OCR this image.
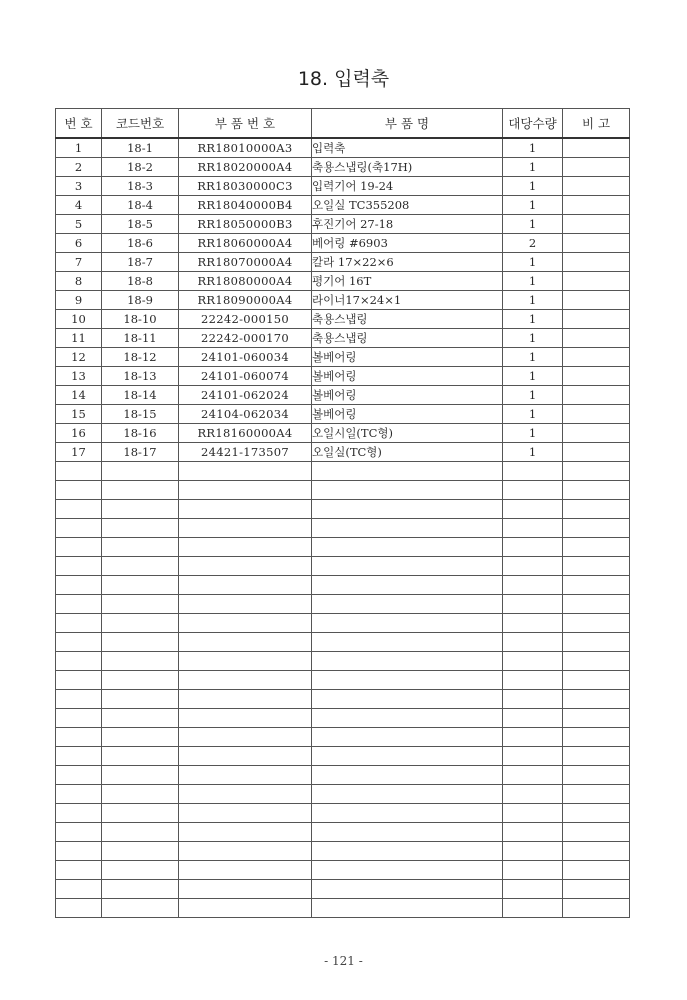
18. 입력축
번 호	코드번호	부 품 번 호	부 품 명	대당수량	비 고
1	18-1	RR18010000A3	입력축	1	
2	18-2	RR18020000A4	축용스냅링(축17H)	1	
3	18-3	RR18030000C3	입력기어 19-24	1	
4	18-4	RR18040000B4	오일실 TC355208	1	
5	18-5	RR18050000B3	후진기어 27-18	1	
6	18-6	RR18060000A4	베어링 #6903	2	
7	18-7	RR18070000A4	칼라 17×22×6	1	
8	18-8	RR18080000A4	평기어 16T	1	
9	18-9	RR18090000A4	라이너17×24×1	1	
10	18-10	22242-000150	축용스냅링	1	
11	18-11	22242-000170	축용스냅링	1	
12	18-12	24101-060034	볼베어링	1	
13	18-13	24101-060074	볼베어링	1	
14	18-14	24101-062024	볼베어링	1	
15	18-15	24104-062034	볼베어링	1	
16	18-16	RR18160000A4	오일시일(TC형)	1	
17	18-17	24421-173507	오일실(TC형)	1	

- 121 -
